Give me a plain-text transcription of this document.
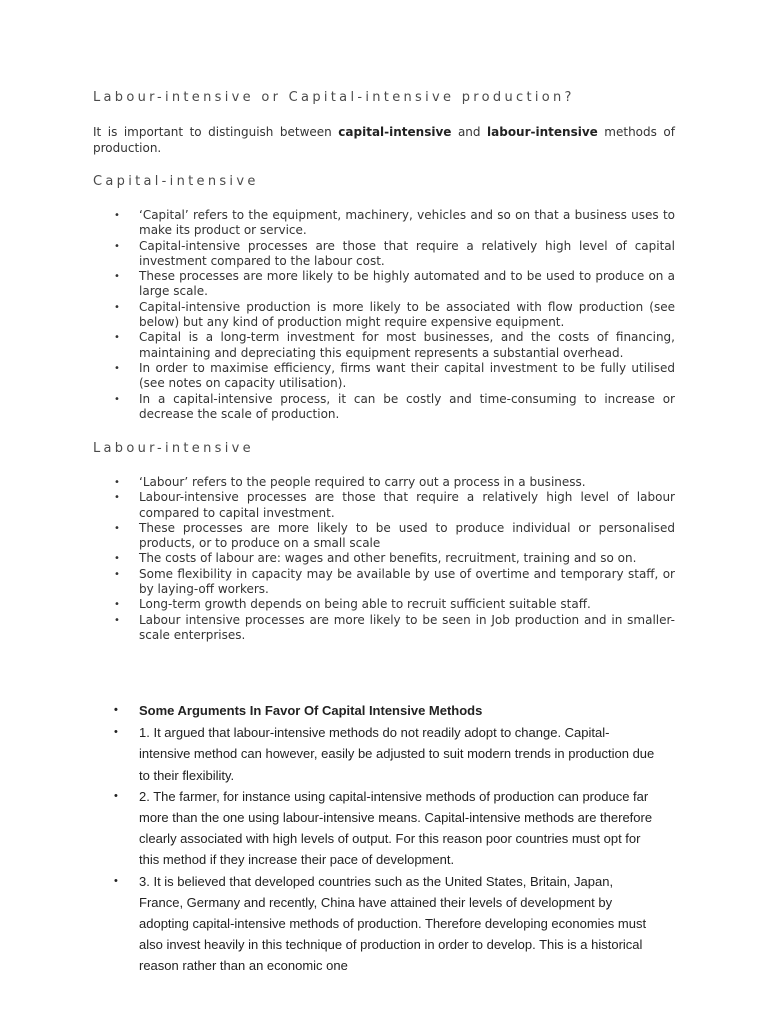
Labour-intensive or Capital-intensive production?

It is important to distinguish between capital-intensive and labour-intensive methods of production.

Capital-intensive
• ‘Capital’ refers to the equipment, machinery, vehicles and so on that a business uses to make its product or service.
• Capital-intensive processes are those that require a relatively high level of capital investment compared to the labour cost.
• These processes are more likely to be highly automated and to be used to produce on a large scale.
• Capital-intensive production is more likely to be associated with flow production (see below) but any kind of production might require expensive equipment.
• Capital is a long-term investment for most businesses, and the costs of financing, maintaining and depreciating this equipment represents a substantial overhead.
• In order to maximise efficiency, firms want their capital investment to be fully utilised (see notes on capacity utilisation).
• In a capital-intensive process, it can be costly and time-consuming to increase or decrease the scale of production.
Labour-intensive
• ‘Labour’ refers to the people required to carry out a process in a business.
• Labour-intensive processes are those that require a relatively high level of labour compared to capital investment.
• These processes are more likely to be used to produce individual or personalised products, or to produce on a small scale
• The costs of labour are: wages and other benefits, recruitment, training and so on.
• Some flexibility in capacity may be available by use of overtime and temporary staff, or by laying-off workers.
• Long-term growth depends on being able to recruit sufficient suitable staff.
• Labour intensive processes are more likely to be seen in Job production and in smaller-scale enterprises.
• Some Arguments In Favor Of Capital Intensive Methods
• 1. It argued that labour-intensive methods do not readily adopt to change. Capital-intensive method can however, easily be adjusted to suit modern trends in production due to their flexibility.
• 2. The farmer, for instance using capital-intensive methods of production can produce far more than the one using labour-intensive means. Capital-intensive methods are therefore clearly associated with high levels of output. For this reason poor countries must opt for this method if they increase their pace of development.
• 3. It is believed that developed countries such as the United States, Britain, Japan, France, Germany and recently, China have attained their levels of development by adopting capital-intensive methods of production. Therefore developing economies must also invest heavily in this technique of production in order to develop. This is a historical reason rather than an economic one
